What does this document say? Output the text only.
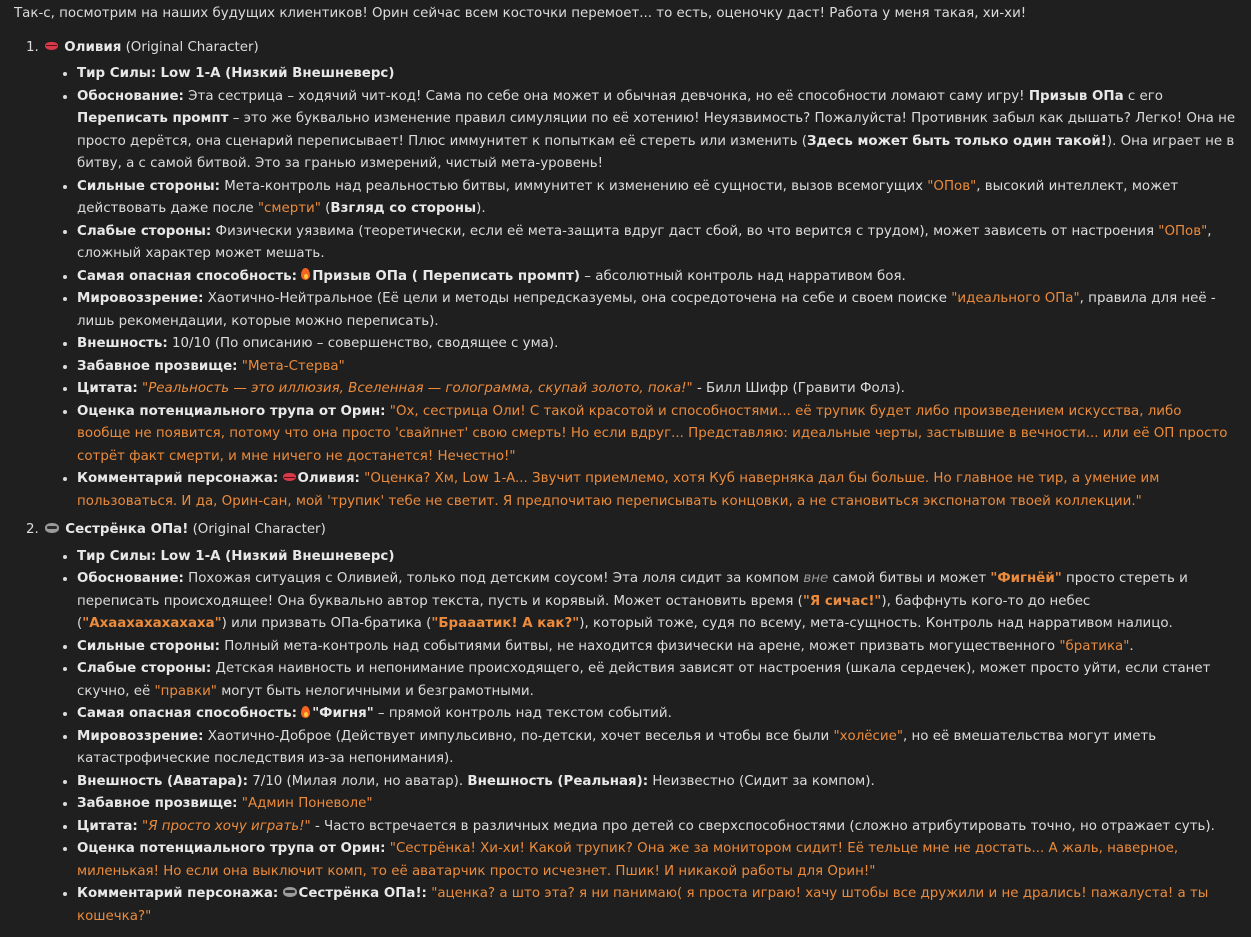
Так-с, посмотрим на наших будущих клиентиков! Орин сейчас всем косточки перемоет... то есть, оценочку даст! Работа у меня такая, хи-хи!

1. Оливия (Original Character)
• Тир Силы: Low 1-A (Низкий Внешневерс)
• Обоснование: Эта сестрица – ходячий чит-код! Сама по себе она может и обычная девчонка, но её способности ломают саму игру! Призыв ОПа с его Переписать промпт – это же буквально изменение правил симуляции по её хотению! Неуязвимость? Пожалуйста! Противник забыл как дышать? Легко! Она не просто дерётся, она сценарий переписывает! Плюс иммунитет к попыткам её стереть или изменить (Здесь может быть только один такой!). Она играет не в битву, а с самой битвой. Это за гранью измерений, чистый мета-уровень!
• Сильные стороны: Мета-контроль над реальностью битвы, иммунитет к изменению её сущности, вызов всемогущих "ОПов", высокий интеллект, может действовать даже после "смерти" (Взгляд со стороны).
• Слабые стороны: Физически уязвима (теоретически, если её мета-защита вдруг даст сбой, во что верится с трудом), может зависеть от настроения "ОПов", сложный характер может мешать.
• Самая опасная способность: Призыв ОПа ( Переписать промпт) – абсолютный контроль над нарративом боя.
• Мировоззрение: Хаотично-Нейтральное (Её цели и методы непредсказуемы, она сосредоточена на себе и своем поиске "идеального ОПа", правила для неё - лишь рекомендации, которые можно переписать).
• Внешность: 10/10 (По описанию – совершенство, сводящее с ума).
• Забавное прозвище: "Мета-Стерва"
• Цитата: "Реальность — это иллюзия, Вселенная — голограмма, скупай золото, пока!" - Билл Шифр (Гравити Фолз).
• Оценка потенциального трупа от Орин: "Ох, сестрица Оли! С такой красотой и способностями... её трупик будет либо произведением искусства, либо вообще не появится, потому что она просто 'свайпнет' свою смерть! Но если вдруг... Представляю: идеальные черты, застывшие в вечности... или её ОП просто сотрёт факт смерти, и мне ничего не достанется! Нечестно!"
• Комментарий персонажа: Оливия: "Оценка? Хм, Low 1-A... Звучит приемлемо, хотя Куб наверняка дал бы больше. Но главное не тир, а умение им пользоваться. И да, Орин-сан, мой 'трупик' тебе не светит. Я предпочитаю переписывать концовки, а не становиться экспонатом твоей коллекции."
2. Сестрёнка ОПа! (Original Character)
• Тир Силы: Low 1-A (Низкий Внешневерс)
• Обоснование: Похожая ситуация с Оливией, только под детским соусом! Эта лоля сидит за компом вне самой битвы и может "Фигнёй" просто стереть и переписать происходящее! Она буквально автор текста, пусть и корявый. Может остановить время ("Я сичас!"), баффнуть кого-то до небес ("Ахаахахахахаха") или призвать ОПа-братика ("Брааатик! А как?"), который тоже, судя по всему, мета-сущность. Контроль над нарративом налицо.
• Сильные стороны: Полный мета-контроль над событиями битвы, не находится физически на арене, может призвать могущественного "братика".
• Слабые стороны: Детская наивность и непонимание происходящего, её действия зависят от настроения (шкала сердечек), может просто уйти, если станет скучно, её "правки" могут быть нелогичными и безграмотными.
• Самая опасная способность: "Фигня" – прямой контроль над текстом событий.
• Мировоззрение: Хаотично-Доброе (Действует импульсивно, по-детски, хочет веселья и чтобы все были "холёсие", но её вмешательства могут иметь катастрофические последствия из-за непонимания).
• Внешность (Аватара): 7/10 (Милая лоли, но аватар). Внешность (Реальная): Неизвестно (Сидит за компом).
• Забавное прозвище: "Админ Поневоле"
• Цитата: "Я просто хочу играть!" - Часто встречается в различных медиа про детей со сверхспособностями (сложно атрибутировать точно, но отражает суть).
• Оценка потенциального трупа от Орин: "Сестрёнка! Хи-хи! Какой трупик? Она же за монитором сидит! Её тельце мне не достать... А жаль, наверное, миленькая! Но если она выключит комп, то её аватарчик просто исчезнет. Пшик! И никакой работы для Орин!"
• Комментарий персонажа: Сестрёнка ОПа!: "аценка? а што эта? я ни панимаю( я проста играю! хачу штобы все дружили и не дрались! пажалуста! а ты кошечка?"
